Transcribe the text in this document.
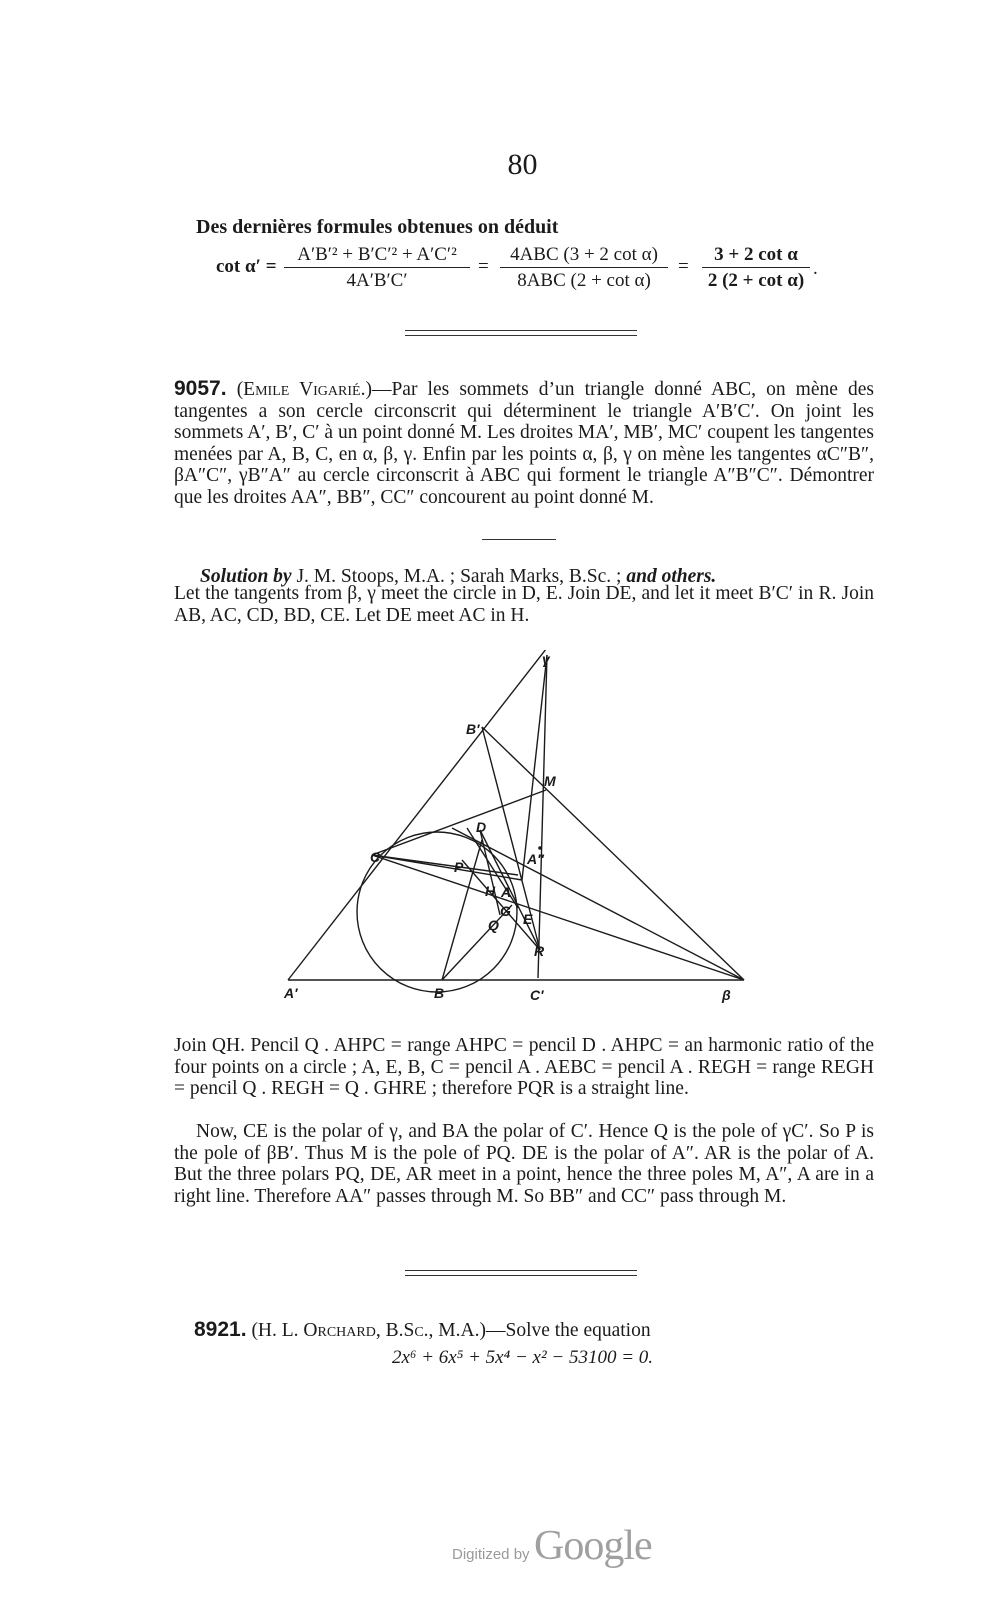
80
Des dernières formules obtenues on déduit
$\cot \alpha' = \frac{\text{A′B′² + B′C′² + A′C′²}}{4A'B'C'}$ =
4ABC (3 + 2 cot α)
8ABC (2 + cot α)
= $\frac{\text{3 + 2 cot α}}{\text{2 (2 + cot α)}}$ .
9057. (Emile Vigarié.)—Par les sommets d’un triangle donné ABC, on mène des tangentes a son cercle circonscrit qui déterminent le triangle A′B′C′. On joint les sommets A′, B′, C′ à un point donné M. Les droites MA′, MB′, MC′ coupent les tangentes menées par A, B, C, en α, β, γ. Enfin par les points α, β, γ on mène les tangentes αC″B″, βA″C″, γB″A″ au cercle circonscrit à ABC qui forment le triangle A″B″C″. Démontrer que les droites AA″, BB″, CC″ concourent au point donné M.
Solution by J. M. Stoops, M.A. ; Sarah Marks, B.Sc. ; and others.
Let the tangents from β, γ meet the circle in D, E. Join DE, and let it meet B′C′ in R. Join AB, AC, CD, BD, CE. Let DE meet AC in H.
γ
B′
M
D
C
P	A″
H A
G E
Q
R
A′	B	C′	β
Join QH. Pencil Q . AHPC = range AHPC = pencil D . AHPC = an harmonic ratio of the four points on a circle ; A, E, B, C = pencil A . AEBC = pencil A . REGH = range REGH = pencil Q . REGH = Q . GHRE ; therefore PQR is a straight line.
Now, CE is the polar of γ, and BA the polar of C′. Hence Q is the pole of γC′. So P is the pole of βB′. Thus M is the pole of PQ. DE is the polar of A″. AR is the polar of A. But the three polars PQ, DE, AR meet in a point, hence the three poles M, A″, A are in a right line. Therefore AA″ passes through M. So BB″ and CC″ pass through M.
8921. (H. L. Orchard, B.Sc., M.A.)—Solve the equation
2x⁶ + 6x⁵ + 5x⁴ − x² − 53100 = 0.
Digitized by Google
